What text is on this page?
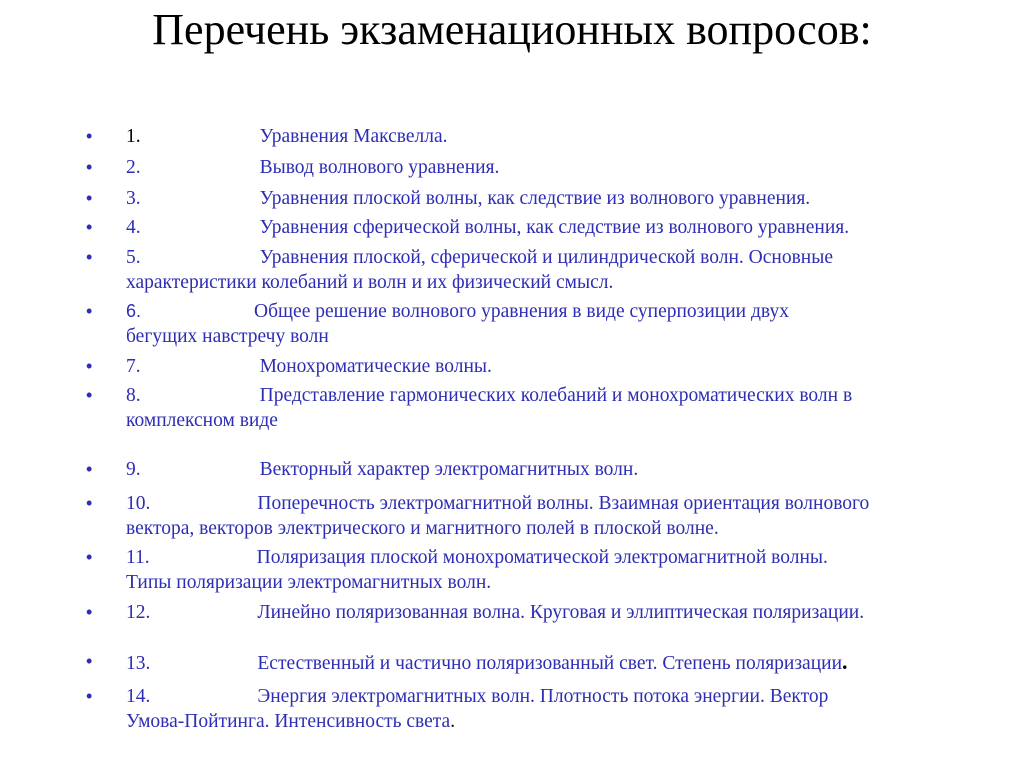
Перечень экзаменационных вопросов:
• 1.	Уравнения Максвелла.
• 2.	Вывод волнового уравнения.
• 3.	Уравнения плоской волны, как следствие из волнового уравнения.
• 4.	Уравнения сферической волны, как следствие из волнового уравнения.
• 5.	Уравнения плоской, сферической и цилиндрической волн. Основные
характеристики колебаний и волн и их физический смысл.
• 6.	Общее решение волнового уравнения в виде суперпозиции двух
бегущих навстречу волн
• 7.	Монохроматические волны.
• 8.	Представление гармонических колебаний и монохроматических волн в
комплексном виде
• 9.	Векторный характер электромагнитных волн.
• 10.	Поперечность электромагнитной волны. Взаимная ориентация волнового
вектора, векторов электрического и магнитного полей в плоской волне.
• 11.	Поляризация плоской монохроматической электромагнитной волны.
Типы поляризации электромагнитных волн.
• 12.	Линейно поляризованная волна. Круговая и эллиптическая поляризации.
• 13.	Естественный и частично поляризованный свет. Степень поляризации.
• 14.	Энергия электромагнитных волн. Плотность потока энергии. Вектор
Умова-Пойтинга. Интенсивность света.
